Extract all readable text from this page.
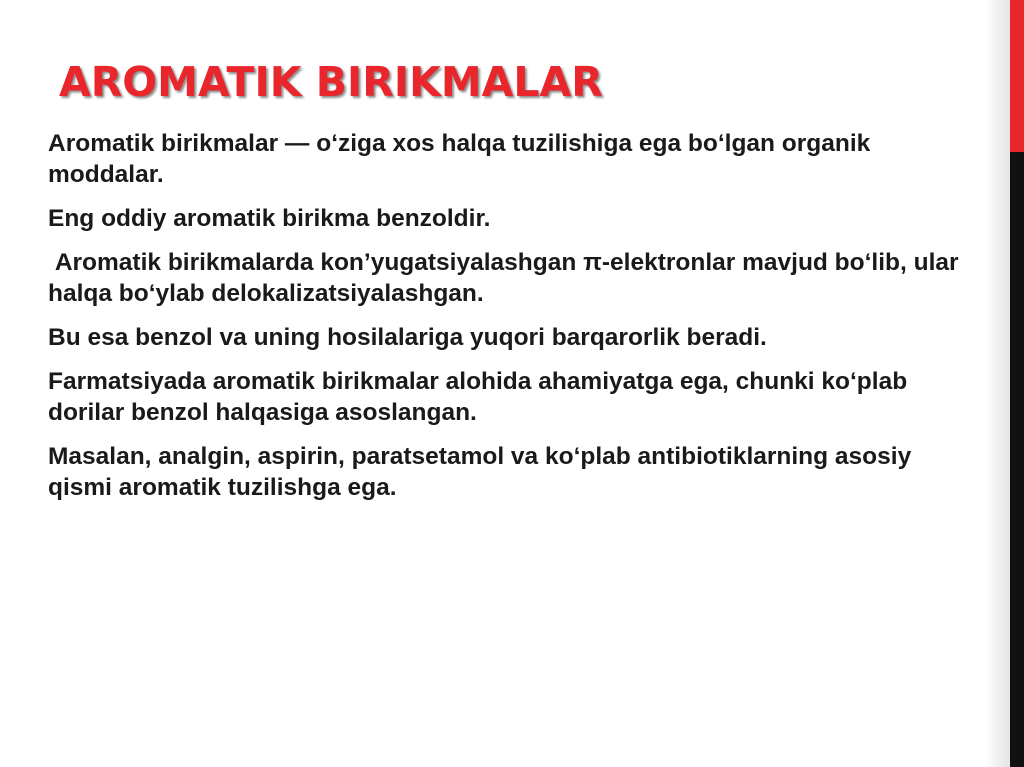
AROMATIK BIRIKMALAR

Aromatik birikmalar — o‘ziga xos halqa tuzilishiga ega bo‘lgan organik moddalar.

Eng oddiy aromatik birikma benzoldir.

Aromatik birikmalarda kon’yugatsiyalashgan π-elektronlar mavjud bo‘lib, ular halqa bo‘ylab delokalizatsiyalashgan.

Bu esa benzol va uning hosilalariga yuqori barqarorlik beradi.

Farmatsiyada aromatik birikmalar alohida ahamiyatga ega, chunki ko‘plab dorilar benzol halqasiga asoslangan.

Masalan, analgin, aspirin, paratsetamol va ko‘plab antibiotiklarning asosiy qismi aromatik tuzilishga ega.
